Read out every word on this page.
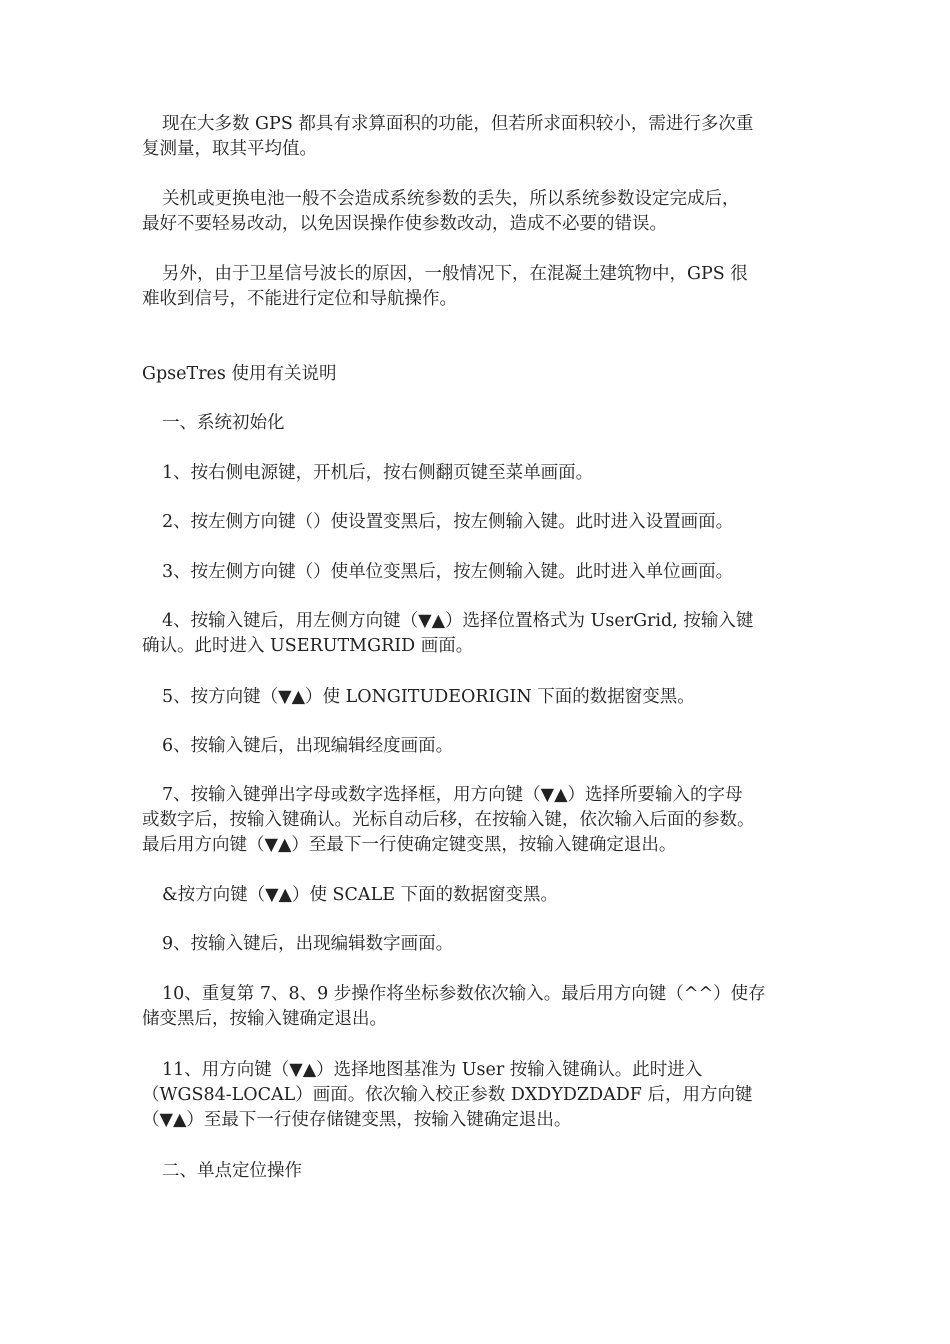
现在大多数 GPS 都具有求算面积的功能，但若所求面积较小，需进行多次重
复测量，取其平均值。

关机或更换电池一般不会造成系统参数的丢失，所以系统参数设定完成后，
最好不要轻易改动，以免因误操作使参数改动，造成不必要的错误。

另外，由于卫星信号波长的原因，一般情况下，在混凝土建筑物中，GPS 很
难收到信号，不能进行定位和导航操作。

GpseTres 使用有关说明

一、系统初始化

1、按右侧电源键，开机后，按右侧翻页键至菜单画面。

2、按左侧方向键（）使设置变黑后，按左侧输入键。此时进入设置画面。

3、按左侧方向键（）使单位变黑后，按左侧输入键。此时进入单位画面。

4、按输入键后，用左侧方向键（▼▲）选择位置格式为 UserGrid, 按输入键
确认。此时进入 USERUTMGRID 画面。

5、按方向键（▼▲）使 LONGITUDEORIGIN 下面的数据窗变黑。

6、按输入键后，出现编辑经度画面。

7、按输入键弹出字母或数字选择框，用方向键（▼▲）选择所要输入的字母
或数字后，按输入键确认。光标自动后移，在按输入键，依次输入后面的参数。
最后用方向键（▼▲）至最下一行使确定键变黑，按输入键确定退出。

&按方向键（▼▲）使 SCALE 下面的数据窗变黑。

9、按输入键后，出现编辑数字画面。

10、重复第 7、8、9 步操作将坐标参数依次输入。最后用方向键（^^）使存
储变黑后，按输入键确定退出。

11、用方向键（▼▲）选择地图基准为 User 按输入键确认。此时进入
（WGS84-LOCAL）画面。依次输入校正参数 DXDYDZDADF 后，用方向键
（▼▲）至最下一行使存储键变黑，按输入键确定退出。

二、单点定位操作
